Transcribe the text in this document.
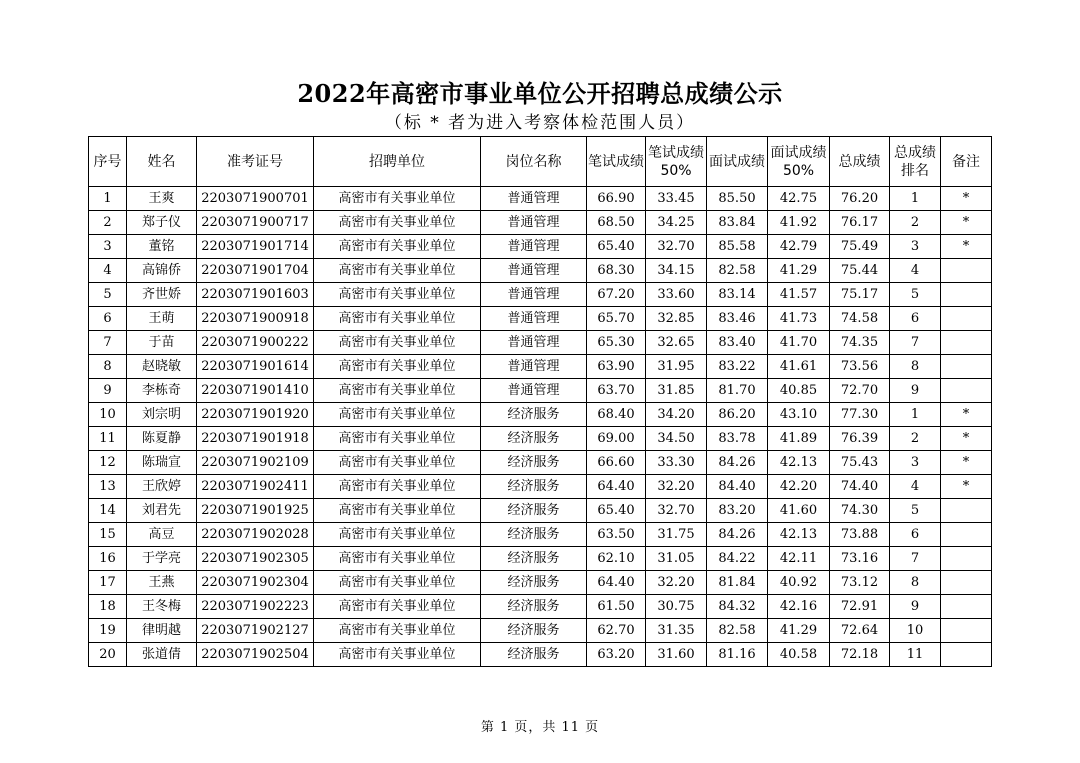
2022年高密市事业单位公开招聘总成绩公示
（标 * 者为进入考察体检范围人员）
序号	姓名	准考证号	招聘单位	岗位名称	笔试成绩	笔试成绩50%	面试成绩	面试成绩50%	总成绩	总成绩排名	备注
1	王爽	2203071900701	高密市有关事业单位	普通管理	66.90	33.45	85.50	42.75	76.20	1	*
2	郑子仪	2203071900717	高密市有关事业单位	普通管理	68.50	34.25	83.84	41.92	76.17	2	*
3	董铭	2203071901714	高密市有关事业单位	普通管理	65.40	32.70	85.58	42.79	75.49	3	*
4	高锦侨	2203071901704	高密市有关事业单位	普通管理	68.30	34.15	82.58	41.29	75.44	4	
5	齐世娇	2203071901603	高密市有关事业单位	普通管理	67.20	33.60	83.14	41.57	75.17	5	
6	王萌	2203071900918	高密市有关事业单位	普通管理	65.70	32.85	83.46	41.73	74.58	6	
7	于苗	2203071900222	高密市有关事业单位	普通管理	65.30	32.65	83.40	41.70	74.35	7	
8	赵晓敏	2203071901614	高密市有关事业单位	普通管理	63.90	31.95	83.22	41.61	73.56	8	
9	李栋奇	2203071901410	高密市有关事业单位	普通管理	63.70	31.85	81.70	40.85	72.70	9	
10	刘宗明	2203071901920	高密市有关事业单位	经济服务	68.40	34.20	86.20	43.10	77.30	1	*
11	陈夏静	2203071901918	高密市有关事业单位	经济服务	69.00	34.50	83.78	41.89	76.39	2	*
12	陈瑞宣	2203071902109	高密市有关事业单位	经济服务	66.60	33.30	84.26	42.13	75.43	3	*
13	王欣婷	2203071902411	高密市有关事业单位	经济服务	64.40	32.20	84.40	42.20	74.40	4	*
14	刘君先	2203071901925	高密市有关事业单位	经济服务	65.40	32.70	83.20	41.60	74.30	5	
15	高豆	2203071902028	高密市有关事业单位	经济服务	63.50	31.75	84.26	42.13	73.88	6	
16	于学亮	2203071902305	高密市有关事业单位	经济服务	62.10	31.05	84.22	42.11	73.16	7	
17	王燕	2203071902304	高密市有关事业单位	经济服务	64.40	32.20	81.84	40.92	73.12	8	
18	王冬梅	2203071902223	高密市有关事业单位	经济服务	61.50	30.75	84.32	42.16	72.91	9	
19	律明越	2203071902127	高密市有关事业单位	经济服务	62.70	31.35	82.58	41.29	72.64	10	
20	张道倩	2203071902504	高密市有关事业单位	经济服务	63.20	31.60	81.16	40.58	72.18	11	
第 1 页，共 11 页
